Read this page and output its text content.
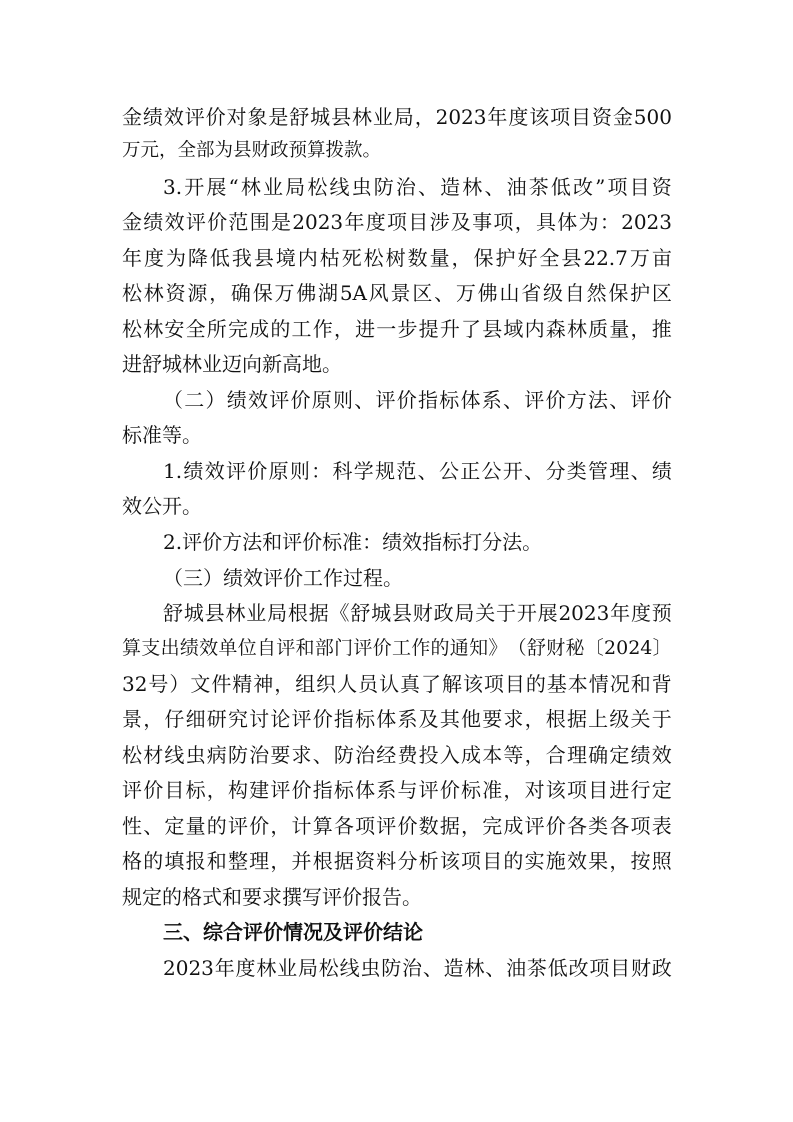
金 绩 效 评 价 对 象 是 舒 城 县 林 业 局 ， 2023 年 度 该 项 目 资 金 500
万元，全部为县财政预算拨款。
3. 开 展 “ 林 业 局 松 线 虫 防 治 、 造 林 、 油 茶 低 改 ” 项 目 资
金 绩 效 评 价 范 围 是 2023 年 度 项 目 涉 及 事 项 ， 具 体 为 ： 2023
年 度 为 降 低 我 县 境 内 枯 死 松 树 数 量 ， 保 护 好 全 县 22.7 万 亩
松 林 资 源 ， 确 保 万 佛 湖 5A 风 景 区 、 万 佛 山 省 级 自 然 保 护 区
松 林 安 全 所 完 成 的 工 作 ， 进 一 步 提 升 了 县 域 内 森 林 质 量 ， 推
进舒城林业迈向新高地。
（ 二 ） 绩 效 评 价 原 则 、 评 价 指 标 体 系 、 评 价 方 法 、 评 价
标准等。
1. 绩 效 评 价 原 则 ： 科 学 规 范 、 公 正 公 开 、 分 类 管 理 、 绩
效公开。
2.评价方法和评价标准：绩效指标打分法。
（三）绩效评价工作过程。
舒 城 县 林 业 局 根 据 《 舒 城 县 财 政 局 关 于 开 展 2023 年 度 预
算 支 出 绩 效 单 位 自 评 和 部 门 评 价 工 作 的 通 知 》 （ 舒 财 秘 〔 2024 〕
32 号 ） 文 件 精 神 ， 组 织 人 员 认 真 了 解 该 项 目 的 基 本 情 况 和 背
景 ， 仔 细 研 究 讨 论 评 价 指 标 体 系 及 其 他 要 求 ， 根 据 上 级 关 于
松 材 线 虫 病 防 治 要 求 、 防 治 经 费 投 入 成 本 等 ， 合 理 确 定 绩 效
评 价 目 标 ， 构 建 评 价 指 标 体 系 与 评 价 标 准 ， 对 该 项 目 进 行 定
性 、 定 量 的 评 价 ， 计 算 各 项 评 价 数 据 ， 完 成 评 价 各 类 各 项 表
格 的 填 报 和 整 理 ， 并 根 据 资 料 分 析 该 项 目 的 实 施 效 果 ， 按 照
规定的格式和要求撰写评价报告。
三、综合评价情况及评价结论
2023 年 度 林 业 局 松 线 虫 防 治 、 造 林 、 油 茶 低 改 项 目 财 政
